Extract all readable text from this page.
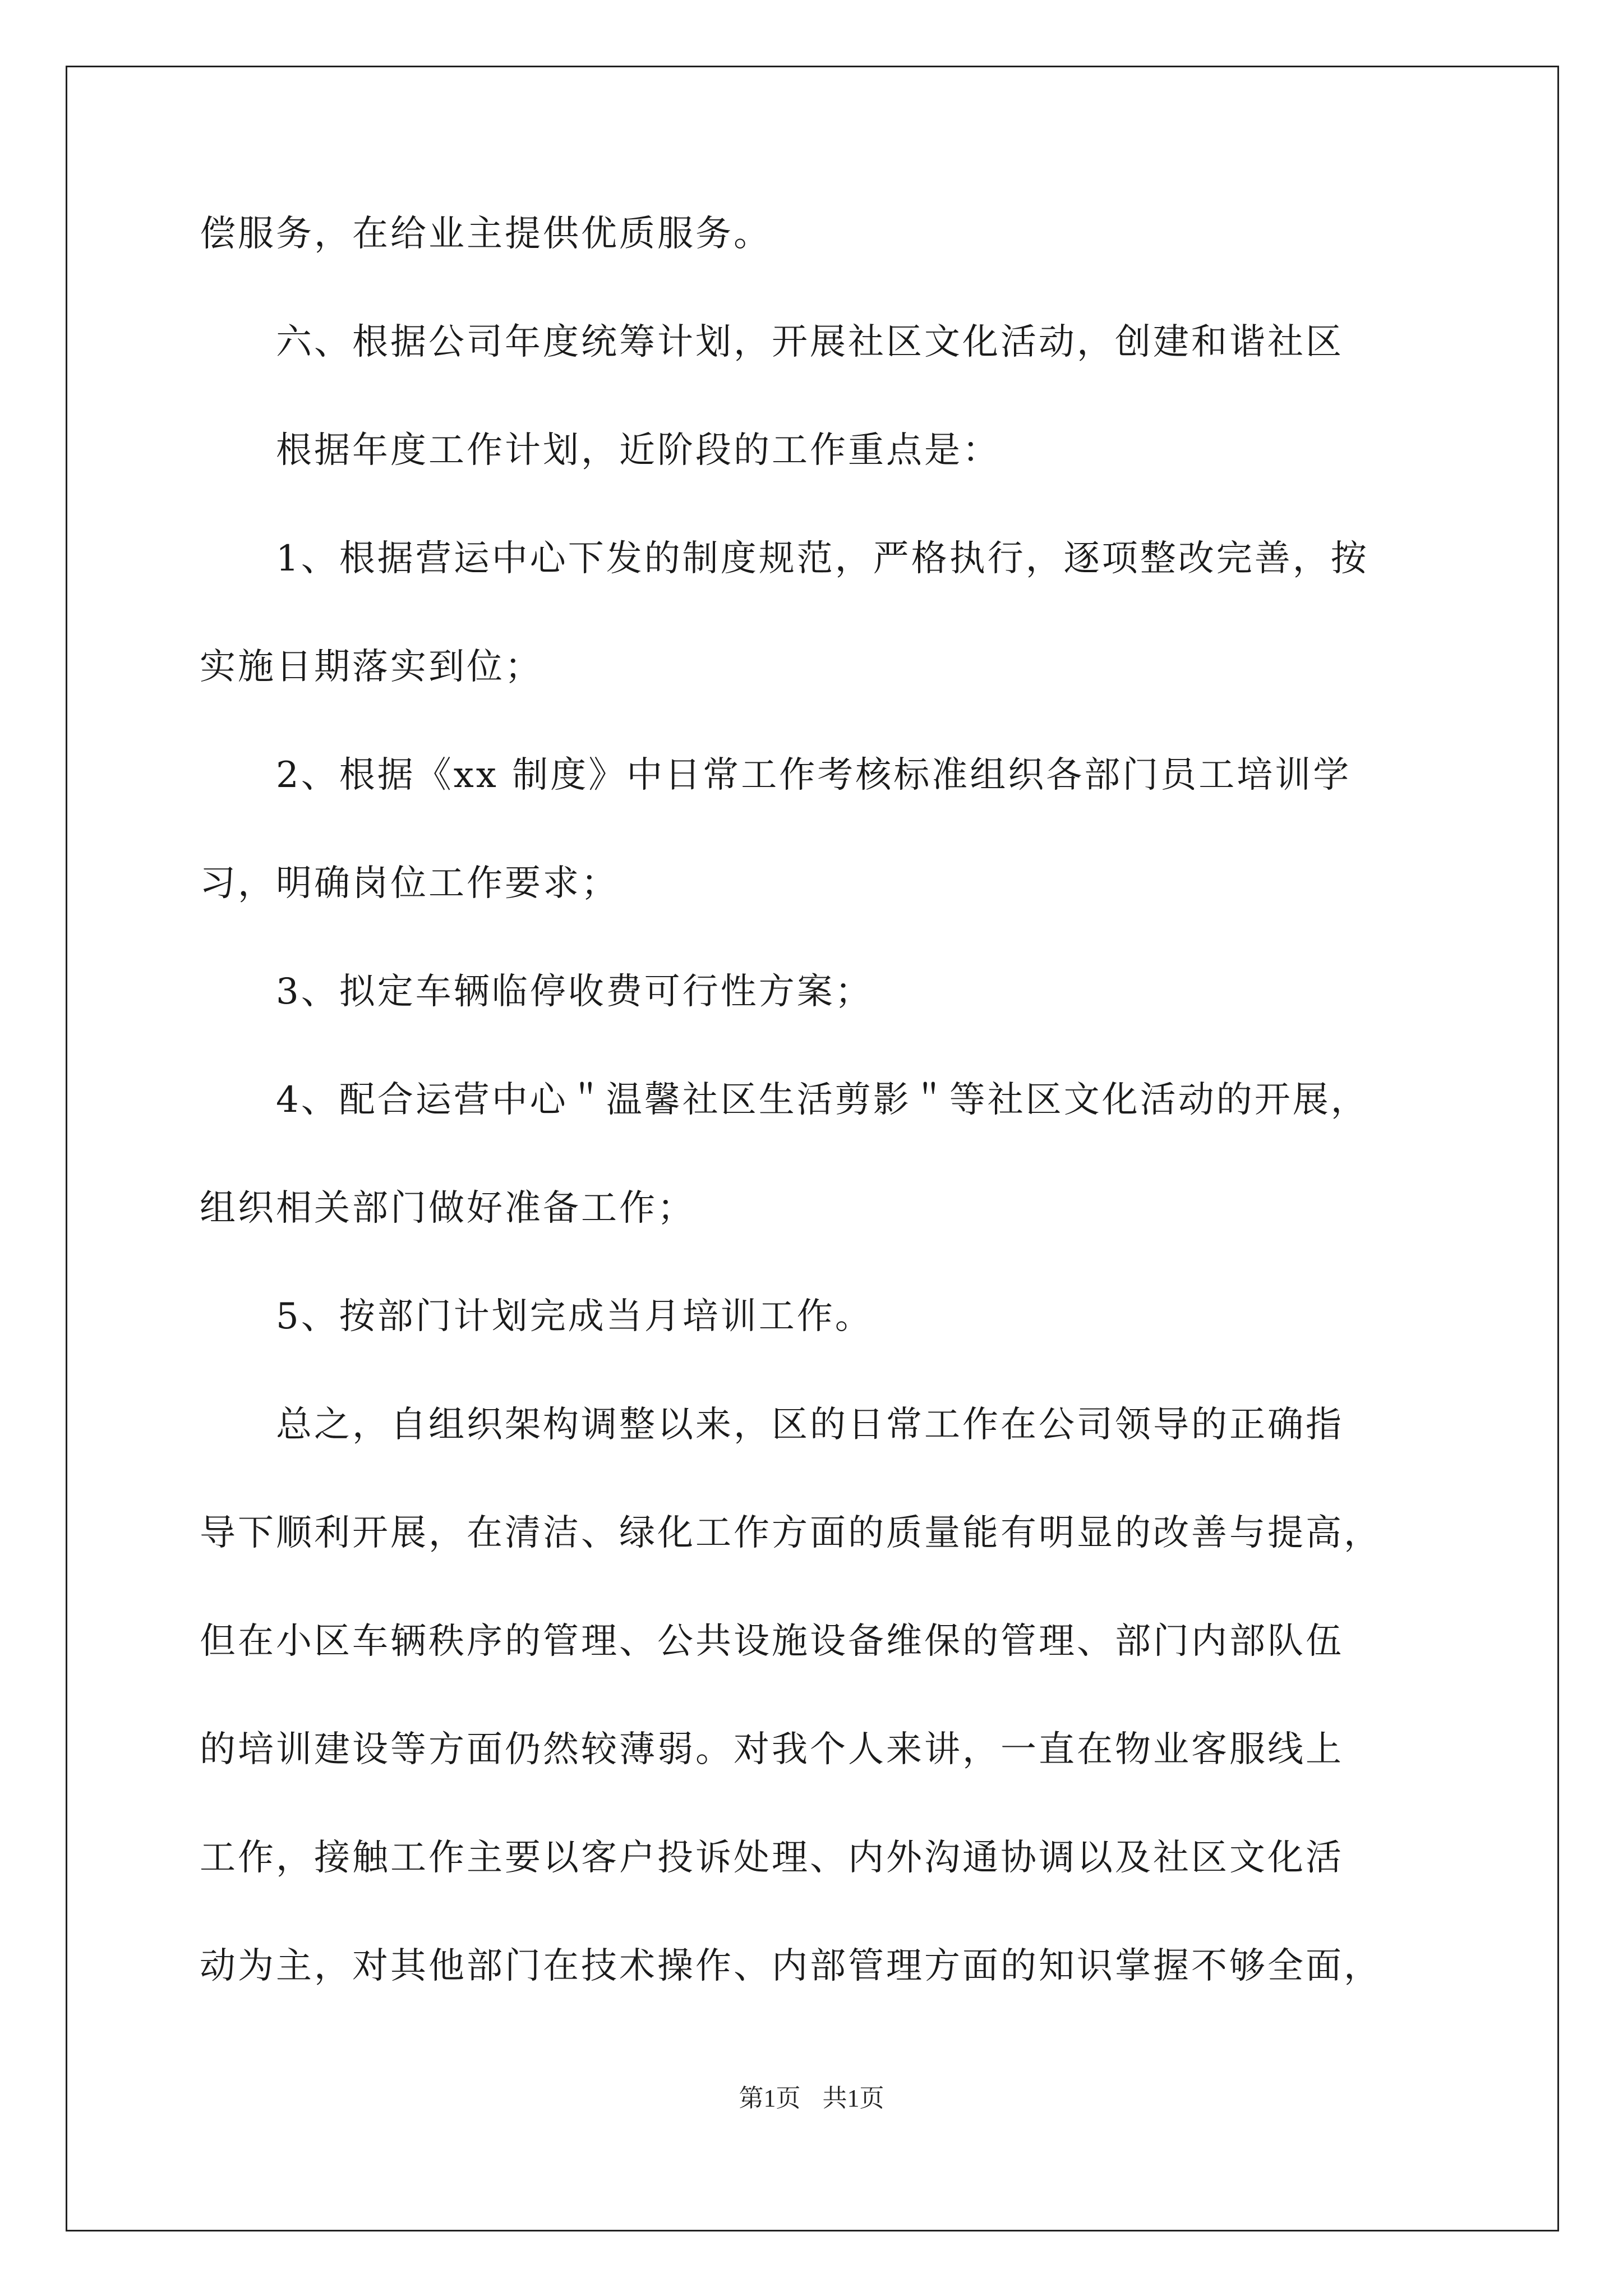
偿服务，在给业主提供优质服务。
　　六、根据公司年度统筹计划，开展社区文化活动，创建和谐社区
　　根据年度工作计划，近阶段的工作重点是：
　　1、根据营运中心下发的制度规范，严格执行，逐项整改完善，按
实施日期落实到位；
　　2、根据《xx 制度》中日常工作考核标准组织各部门员工培训学
习，明确岗位工作要求；
　　3、拟定车辆临停收费可行性方案；
　　4、配合运营中心＂温馨社区生活剪影＂等社区文化活动的开展，
组织相关部门做好准备工作；
　　5、按部门计划完成当月培训工作。
　　总之，自组织架构调整以来，区的日常工作在公司领导的正确指
导下顺利开展，在清洁、绿化工作方面的质量能有明显的改善与提高，
但在小区车辆秩序的管理、公共设施设备维保的管理、部门内部队伍
的培训建设等方面仍然较薄弱。对我个人来讲，一直在物业客服线上
工作，接触工作主要以客户投诉处理、内外沟通协调以及社区文化活
动为主，对其他部门在技术操作、内部管理方面的知识掌握不够全面，
第1页 共1页
